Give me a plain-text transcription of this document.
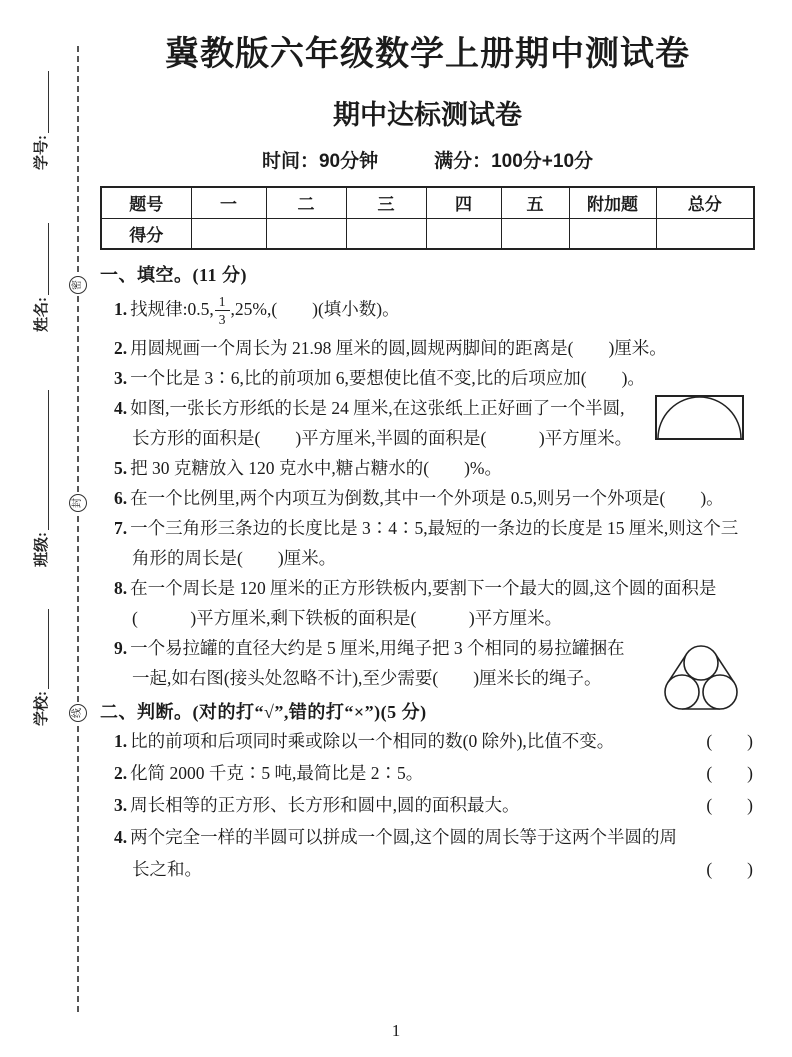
学号:
姓名:
班级:
学校:
密
封
线
冀教版六年级数学上册期中测试卷
期中达标测试卷
时间：90分钟	满分：100分+10分
题号	一	二	三	四	五	附加题	总分
得分							
一、填空。(11 分)
1. 找规律:0.5, $\frac{1}{3} ,25\%$,(　　)(填小数)。
2. 用圆规画一个周长为 21.98 厘米的圆,圆规两脚间的距离是(　　)厘米。
3. 一个比是 3∶6,比的前项加 6,要想使比值不变,比的后项应加(　　)。
4. 如图,一张长方形纸的长是 24 厘米,在这张纸上正好画了一个半圆,长方形的面积是(　　)平方厘米,半圆的面积是(　　　)平方厘米。
5. 把 30 克糖放入 120 克水中,糖占糖水的(　　)%。
6. 在一个比例里,两个内项互为倒数,其中一个外项是 0.5,则另一个外项是(　　)。
7. 一个三角形三条边的长度比是 3∶4∶5,最短的一条边的长度是 15 厘米,则这个三角形的周长是(　　)厘米。
8. 在一个周长是 120 厘米的正方形铁板内,要割下一个最大的圆,这个圆的面积是(　　　)平方厘米,剩下铁板的面积是(　　　)平方厘米。
9. 一个易拉罐的直径大约是 5 厘米,用绳子把 3 个相同的易拉罐捆在一起,如右图(接头处忽略不计),至少需要(　　)厘米长的绳子。
二、判断。(对的打“√”,错的打“×”)(5 分)
1. 比的前项和后项同时乘或除以一个相同的数(0 除外),比值不变。	(　　)
2. 化简 2000 千克∶5 吨,最简比是 2∶5。	(　　)
3. 周长相等的正方形、长方形和圆中,圆的面积最大。	(　　)
4. 两个完全一样的半圆可以拼成一个圆,这个圆的周长等于这两个半圆的周长之和。	(　　)
1
